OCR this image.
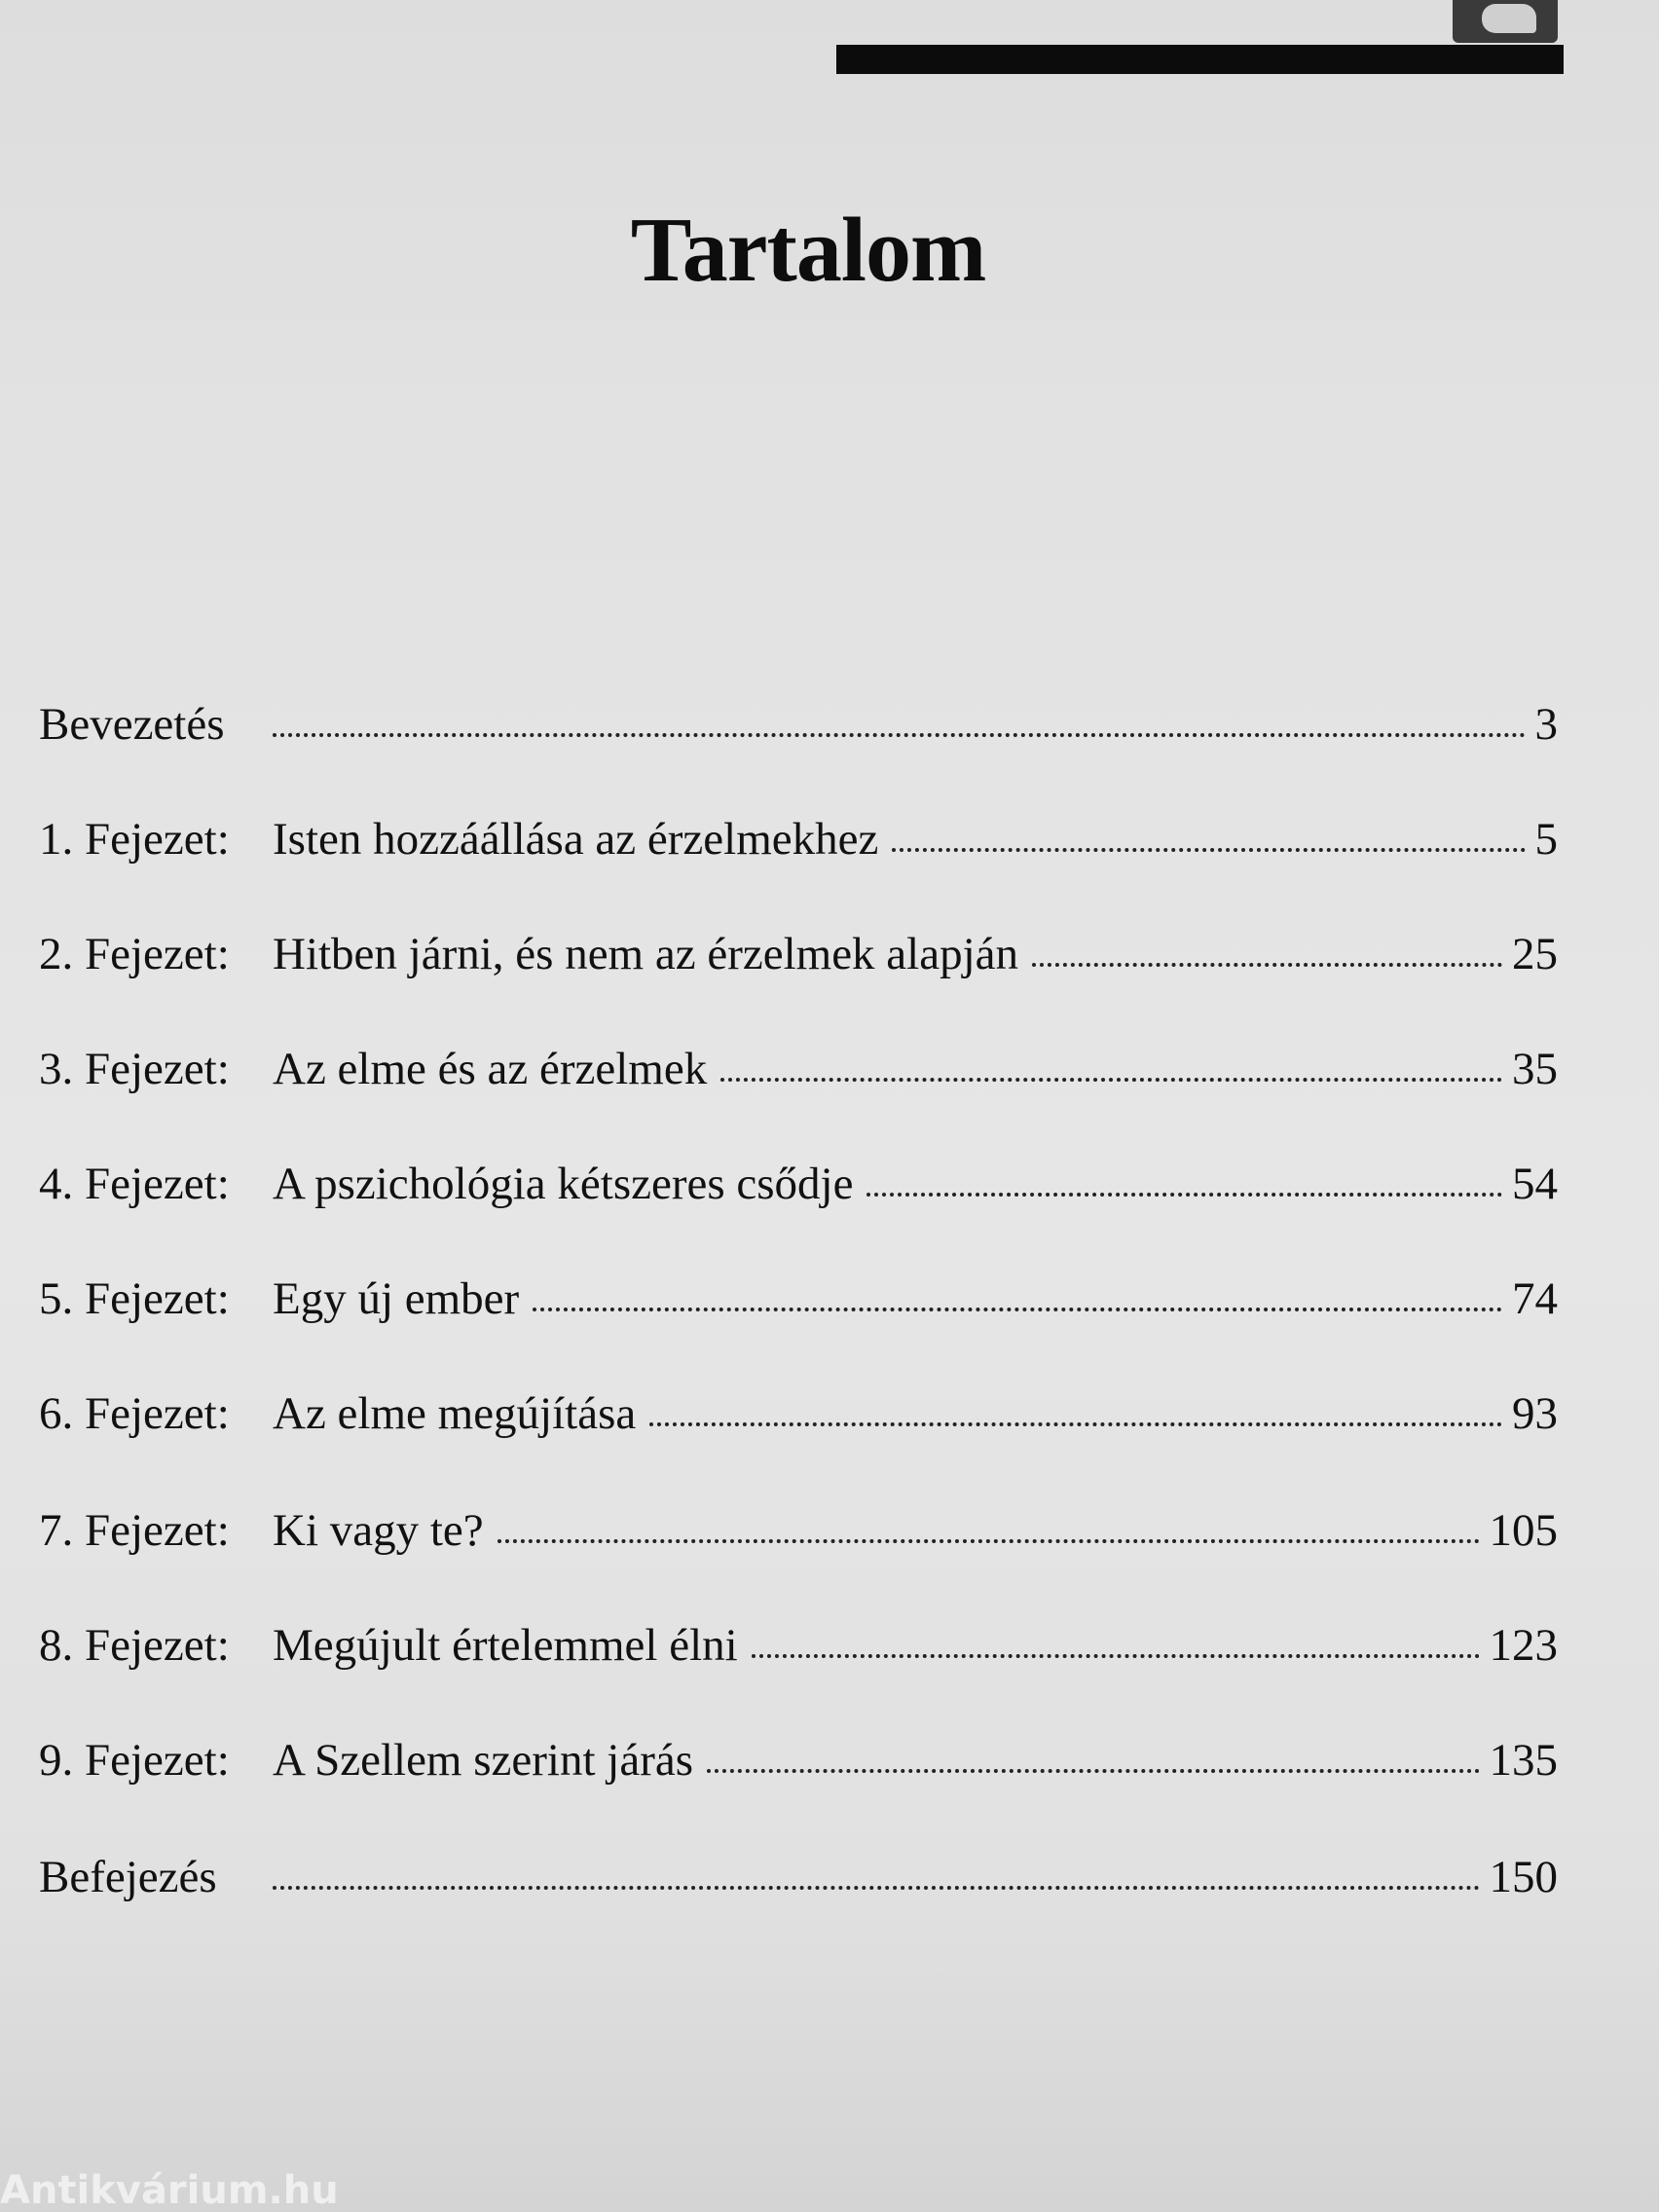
Tartalom
Bevezetés	3
1. Fejezet: Isten hozzáállása az érzelmekhez	5
2. Fejezet: Hitben járni, és nem az érzelmek alapján	25
3. Fejezet: Az elme és az érzelmek	35
4. Fejezet: A pszichológia kétszeres csődje	54
5. Fejezet: Egy új ember	74
6. Fejezet: Az elme megújítása	93
7. Fejezet: Ki vagy te?	105
8. Fejezet: Megújult értelemmel élni	123
9. Fejezet: A Szellem szerint járás	135
Befejezés	150
Antikvárium.hu
